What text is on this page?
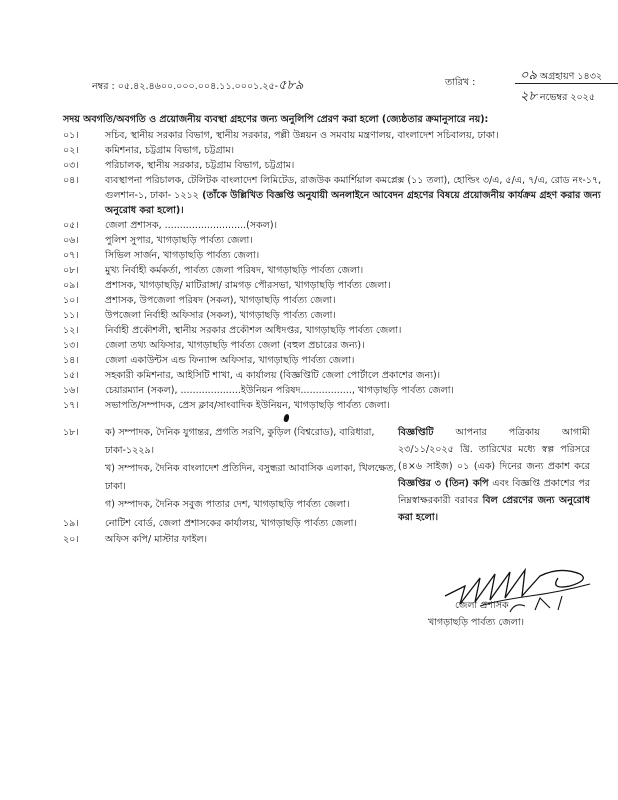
নম্বর : ০৫.৪২.৪৬০০.০০০.০০৪.১১.০০০১.২৫-৫৮৯	তারিখ :	০৯ অগ্রহায়ণ ১৪৩২
২৮ নভেম্বর ২০২৫
সদয় অবগতি/অবগতি ও প্রয়োজনীয় ব্যবস্থা গ্রহণের জন্য অনুলিপি প্রেরণ করা হলো (জ্যেষ্ঠতার ক্রমানুসারে নয়):
০১।	সচিব, স্থানীয় সরকার বিভাগ, স্থানীয় সরকার, পল্লী উন্নয়ন ও সমবায় মন্ত্রণালয়, বাংলাদেশ সচিবালয়, ঢাকা।
০২।	কমিশনার, চট্টগ্রাম বিভাগ, চট্টগ্রাম।
০৩।	পরিচালক, স্থানীয় সরকার, চট্টগ্রাম বিভাগ, চট্টগ্রাম।
০৪।	ব্যবস্থাপনা পরিচালক, টেলিটক বাংলাদেশ লিমিটেড, রাজউক কমার্শিয়াল কমপ্লেক্স (১১ তলা), হোল্ডিং ৩/এ, ৫/এ, ৭/এ, রোড নং-১৭, গুলশান-১, ঢাকা- ১২১২ (তাঁকে উল্লিখিত বিজ্ঞপ্তি অনুযায়ী অনলাইনে আবেদন গ্রহণের বিষয়ে প্রয়োজনীয় কার্যক্রম গ্রহণ করার জন্য অনুরোধ করা হলো)।
০৫।	জেলা প্রশাসক, ...........................(সকল)।
০৬।	পুলিশ সুপার, খাগড়াছড়ি পার্বত্য জেলা।
০৭।	সিভিল সার্জন, খাগড়াছড়ি পার্বত্য জেলা।
০৮।	মুখ্য নির্বাহী কর্মকর্তা, পার্বত্য জেলা পরিষদ, খাগড়াছড়ি পার্বত্য জেলা।
০৯।	প্রশাসক, খাগড়াছড়ি/ মাটিরাঙ্গা/ রামগড় পৌরসভা, খাগড়াছড়ি পার্বত্য জেলা।
১০।	প্রশাসক, উপজেলা পরিষদ (সকল), খাগড়াছড়ি পার্বত্য জেলা।
১১।	উপজেলা নির্বাহী অফিসার (সকল), খাগড়াছড়ি পার্বত্য জেলা।
১২।	নির্বাহী প্রকৌশলী, স্থানীয় সরকার প্রকৌশল অধিদপ্তর, খাগড়াছড়ি পার্বত্য জেলা।
১৩।	জেলা তথ্য অফিসার, খাগড়াছড়ি পার্বত্য জেলা (বহুল প্রচারের জন্য)।
১৪।	জেলা একাউন্টস এন্ড ফিন্যান্স অফিসার, খাগড়াছড়ি পার্বত্য জেলা।
১৫।	সহকারী কমিশনার, আইসিটি শাখা, এ কার্যালয় (বিজ্ঞপ্তিটি জেলা পোর্টালে প্রকাশের জন্য)।
১৬।	চেয়ারম্যান (সকল), ....................ইউনিয়ন পরিষদ................., খাগড়াছড়ি পার্বত্য জেলা।
১৭।	সভাপতি/সম্পাদক, প্রেস ক্লাব/সাংবাদিক ইউনিয়ন, খাগড়াছড়ি পার্বত্য জেলা।
১৮।	ক) সম্পাদক, দৈনিক যুগান্তর, প্রগতি সরণি, কুড়িল (বিশ্বরোড), বারিধারা, ঢাকা-১২২৯।
খ) সম্পাদক, দৈনিক বাংলাদেশ প্রতিদিন, বসুন্ধরা আবাসিক এলাকা, খিলক্ষেত, ঢাকা।
গ) সম্পাদক, দৈনিক সবুজ পাতার দেশ, খাগড়াছড়ি পার্বত্য জেলা।
বিজ্ঞপ্তিটি আপনার পত্রিকায় আগামী ২৩/১১/২০২৫ খ্রি. তারিখের মধ্যে স্বল্প পরিসরে (৪×৬ সাইজ) ০১ (এক) দিনের জন্য প্রকাশ করে বিজ্ঞপ্তির ৩ (তিন) কপি এবং বিজ্ঞপ্তি প্রকাশের পর নিম্নস্বাক্ষরকারী বরাবর বিল প্রেরণের জন্য অনুরোধ করা হলো।
১৯।	নোটিশ বোর্ড, জেলা প্রশাসকের কার্যালয়, খাগড়াছড়ি পার্বত্য জেলা।
২০।	অফিস কপি/ মাস্টার ফাইল।
জেলা প্রশাসক
খাগড়াছড়ি পার্বত্য জেলা।
